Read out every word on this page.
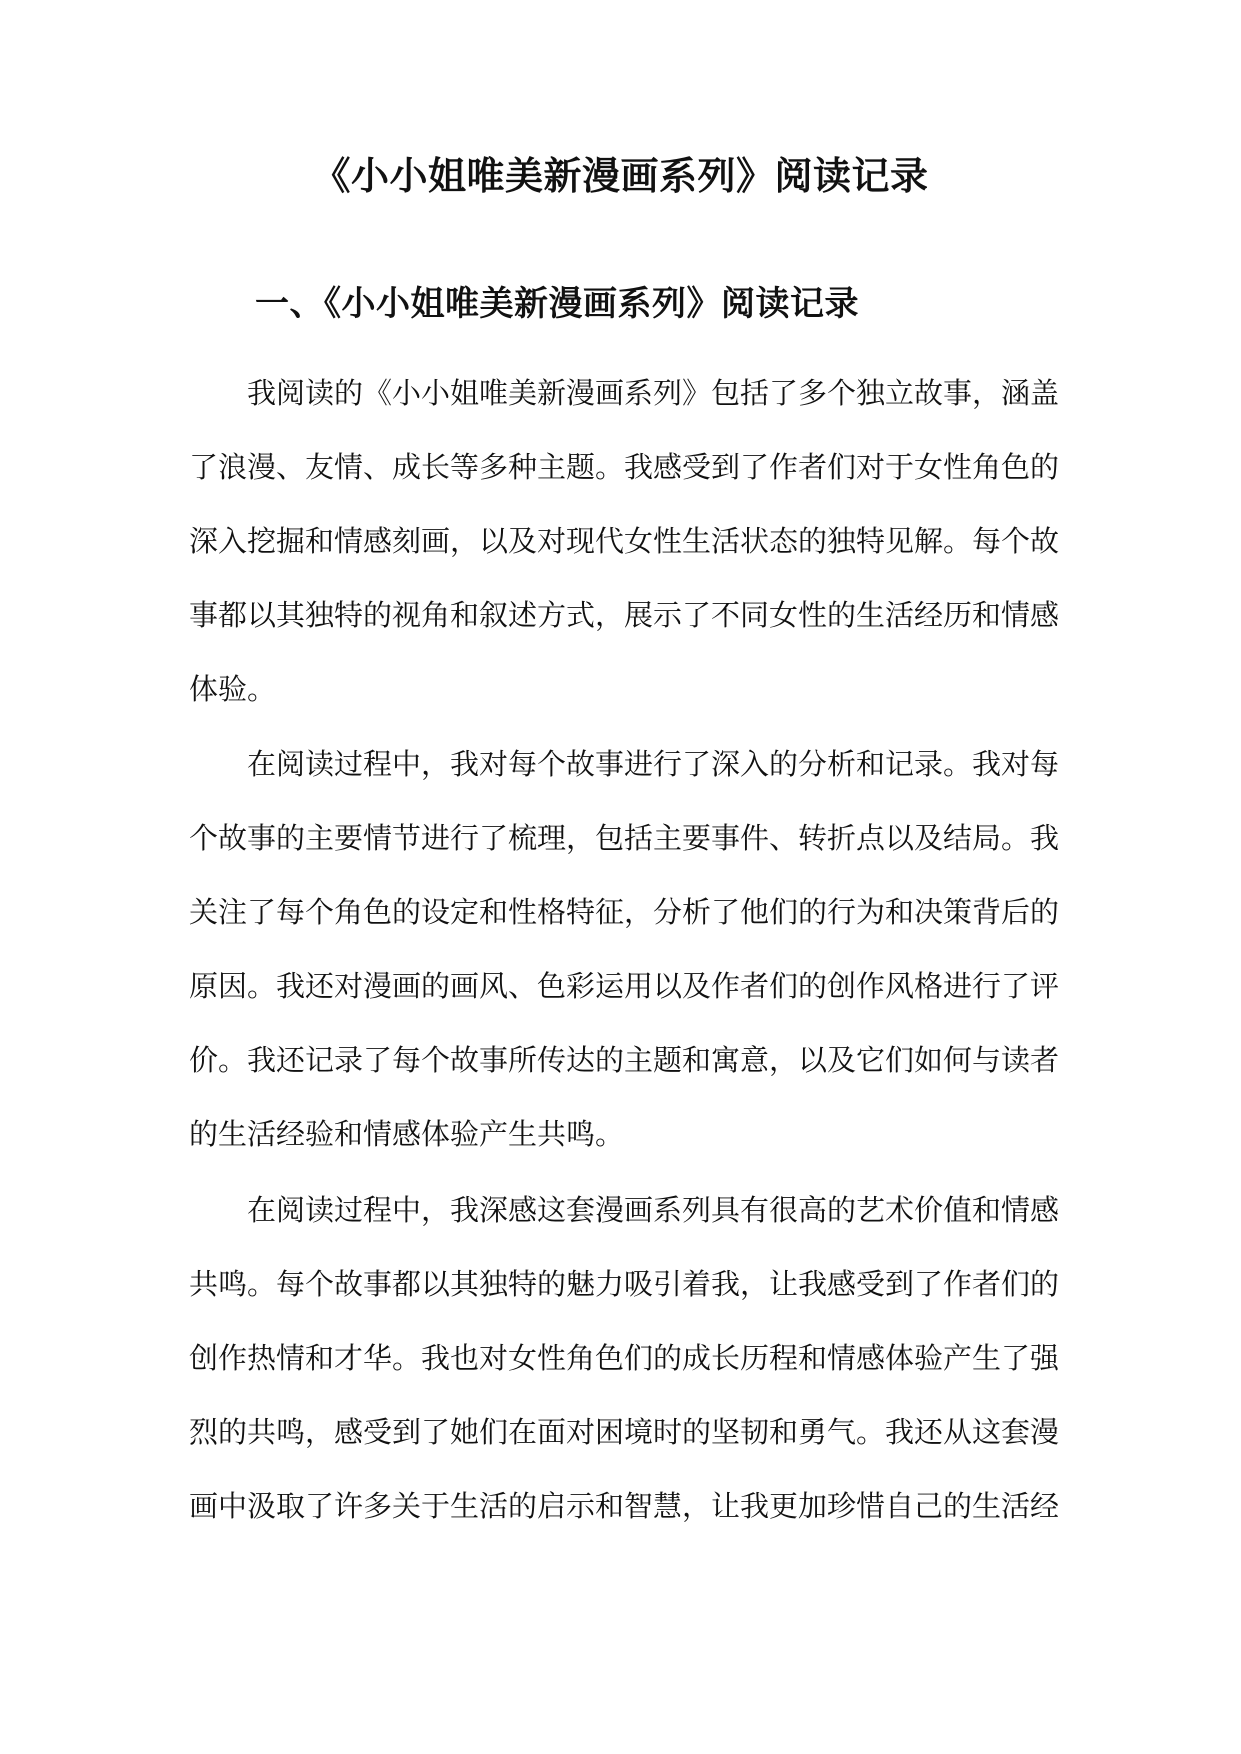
《小小姐唯美新漫画系列》阅读记录
一、《小小姐唯美新漫画系列》阅读记录
我阅读的《小小姐唯美新漫画系列》包括了多个独立故事，涵盖
了浪漫、友情、成长等多种主题。我感受到了作者们对于女性角色的
深入挖掘和情感刻画，以及对现代女性生活状态的独特见解。每个故
事都以其独特的视角和叙述方式，展示了不同女性的生活经历和情感
体验。
在阅读过程中，我对每个故事进行了深入的分析和记录。我对每
个故事的主要情节进行了梳理，包括主要事件、转折点以及结局。我
关注了每个角色的设定和性格特征，分析了他们的行为和决策背后的
原因。我还对漫画的画风、色彩运用以及作者们的创作风格进行了评
价。我还记录了每个故事所传达的主题和寓意，以及它们如何与读者
的生活经验和情感体验产生共鸣。
在阅读过程中，我深感这套漫画系列具有很高的艺术价值和情感
共鸣。每个故事都以其独特的魅力吸引着我，让我感受到了作者们的
创作热情和才华。我也对女性角色们的成长历程和情感体验产生了强
烈的共鸣，感受到了她们在面对困境时的坚韧和勇气。我还从这套漫
画中汲取了许多关于生活的启示和智慧，让我更加珍惜自己的生活经
